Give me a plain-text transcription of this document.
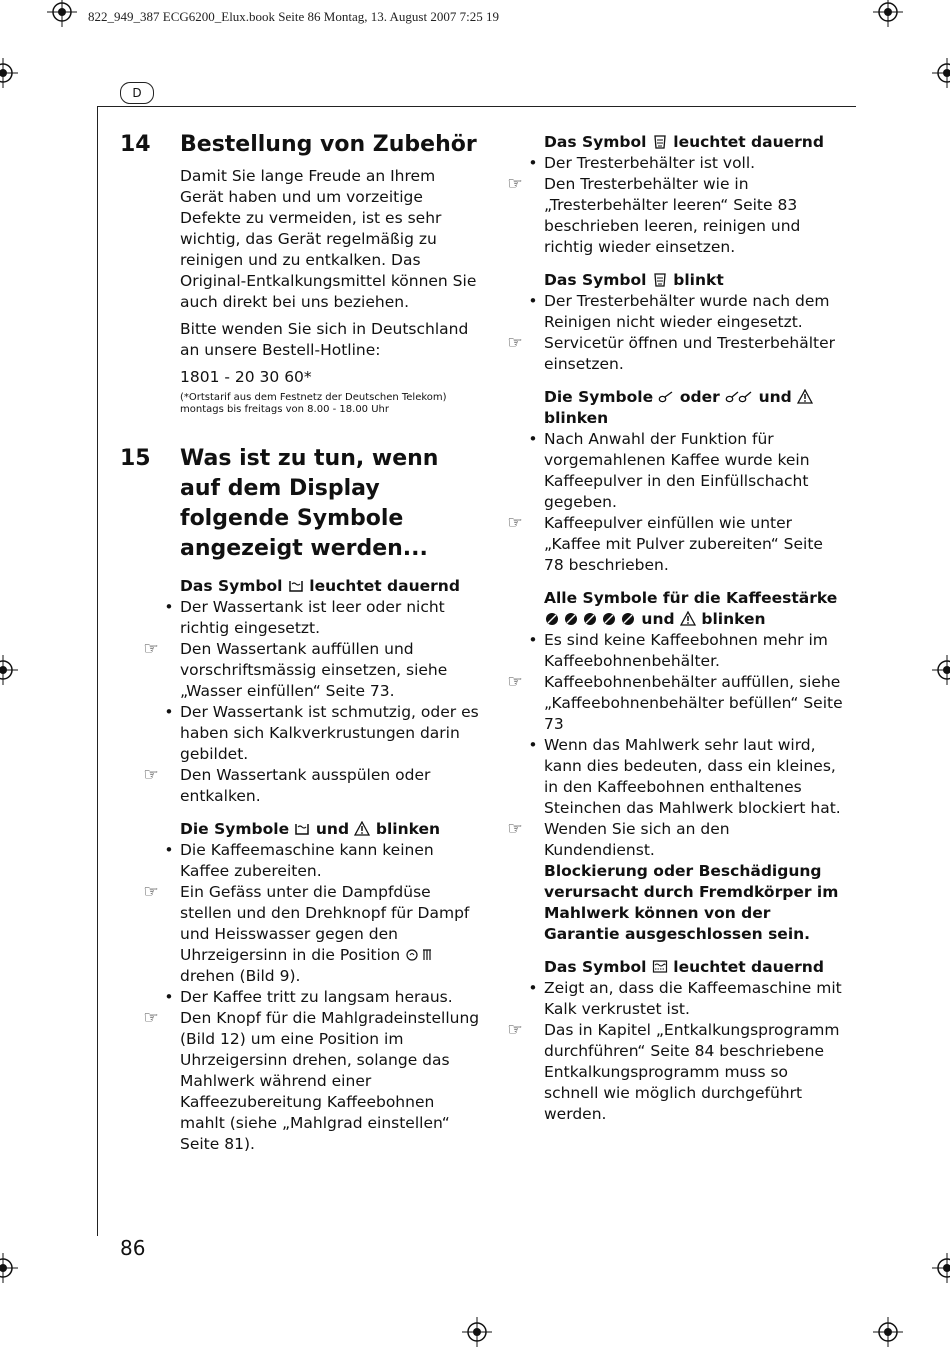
822_949_387 ECG6200_Elux.book Seite 86 Montag, 13. August 2007 7:25 19
D
86
14 Bestellung von Zubehör
Damit Sie lange Freude an Ihrem Gerät haben und um vorzeitige Defekte zu vermeiden, ist es sehr wichtig, das Gerät regelmäßig zu reinigen und zu entkalken. Das Original-Entkalkungsmittel können Sie auch direkt bei uns beziehen.
Bitte wenden Sie sich in Deutschland an unsere Bestell-Hotline:
1801 - 20 30 60*
(*Ortstarif aus dem Festnetz der Deutschen Telekom) montags bis freitags von 8.00 - 18.00 Uhr
15 Was ist zu tun, wenn auf dem Display folgende Symbole angezeigt werden...
Das Symbol leuchtet dauernd
• Der Wassertank ist leer oder nicht richtig eingesetzt.
☞	Den Wassertank auffüllen und vorschriftsmässig einsetzen, siehe „Wasser einfüllen“ Seite 73.
• Der Wassertank ist schmutzig, oder es haben sich Kalkverkrustungen darin gebildet.
☞	Den Wassertank ausspülen oder entkalken.
Die Symbole und blinken
• Die Kaffeemaschine kann keinen Kaffee zubereiten.
☞	Ein Gefäss unter die Dampfdüse stellen und den Drehknopf für Dampf und Heisswasser gegen den Uhrzeigersinn in die Position  drehen (Bild 9).
• Der Kaffee tritt zu langsam heraus.
☞	Den Knopf für die Mahlgradeinstellung (Bild 12) um eine Position im Uhrzeigersinn drehen, solange das Mahlwerk während einer Kaffeezubereitung Kaffeebohnen mahlt (siehe „Mahlgrad einstellen“ Seite 81).
Das Symbol leuchtet dauernd
• Der Tresterbehälter ist voll.
☞	Den Tresterbehälter wie in „Tresterbehälter leeren“ Seite 83 beschrieben leeren, reinigen und richtig wieder einsetzen.
Das Symbol blinkt
• Der Tresterbehälter wurde nach dem Reinigen nicht wieder eingesetzt.
☞	Servicetür öffnen und Tresterbehälter einsetzen.
Die Symbole oder	und  blinken
• Nach Anwahl der Funktion für vorgemahlenen Kaffee wurde kein Kaffeepulver in den Einfüllschacht gegeben.
☞	Kaffeepulver einfüllen wie unter „Kaffee mit Pulver zubereiten“ Seite 78 beschrieben.
Alle Symbole für die Kaffeestärke
und blinken
• Es sind keine Kaffeebohnen mehr im Kaffeebohnenbehälter.
☞	Kaffeebohnenbehälter auffüllen, siehe „Kaffeebohnenbehälter befüllen“ Seite 73
• Wenn das Mahlwerk sehr laut wird, kann dies bedeuten, dass ein kleines, in den Kaffeebohnen enthaltenes Steinchen das Mahlwerk blockiert hat.
☞	Wenden Sie sich an den Kundendienst.
Blockierung oder Beschädigung verursacht durch Fremdkörper im Mahlwerk können von der Garantie ausgeschlossen sein.
Das Symbol leuchtet dauernd
• Zeigt an, dass die Kaffeemaschine mit Kalk verkrustet ist.
☞	Das in Kapitel „Entkalkungsprogramm durchführen“ Seite 84 beschriebene Entkalkungsprogramm muss so schnell wie möglich durchgeführt werden.
